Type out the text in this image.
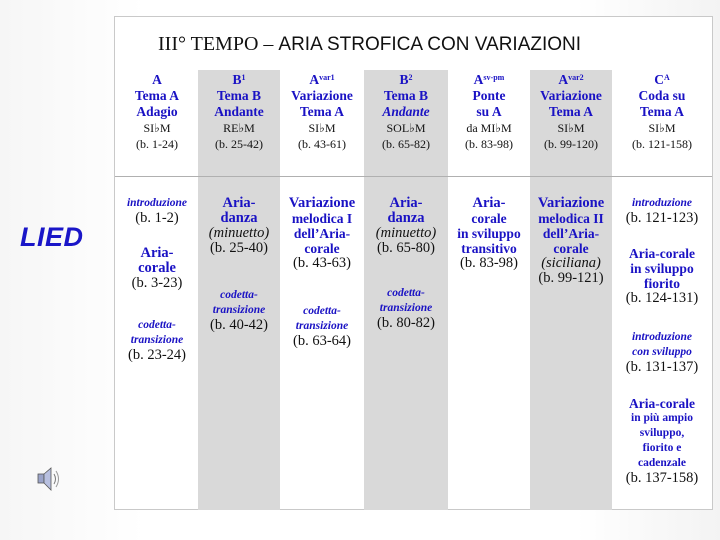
LIED
III° TEMPO – ARIA STROFICA CON VARIAZIONI
A
Tema A
Adagio
SI♭M
(b. 1-24)
$B^1$
Tema B
Andante
RE♭M
(b. 25-42)
$A^{var1}$
Variazione
Tema A
SI♭M
(b. 43-61)
$B^2$
Tema B
Andante
SOL♭M
(b. 65-82)
$A^{sv-pm}$
Ponte
su A
da MI♭M
(b. 83-98)
$A^{var2}$
Variazione
Tema A
SI♭M
(b. 99-120)
$C^A$
Coda su
Tema A
SI♭M
(b. 121-158)
introduzione
(b. 1-2)
Aria-
corale
(b. 3-23)
codetta-
transizione
(b. 23-24)
Aria-
danza
(minuetto)
(b. 25-40)
codetta-
transizione
(b. 40-42)
Variazione
melodica I
dell’Aria-
corale
(b. 43-63)
codetta-
transizione
(b. 63-64)
Aria-
danza
(minuetto)
(b. 65-80)
codetta-
transizione
(b. 80-82)
Aria-
corale
in sviluppo
transitivo
(b. 83-98)
Variazione
melodica II
dell’Aria-
corale
(siciliana)
(b. 99-121)
introduzione
(b. 121-123)
Aria-corale
in sviluppo
fiorito
(b. 124-131)
introduzione
con sviluppo
(b. 131-137)
Aria-corale
in più ampio
sviluppo,
fiorito e
cadenzale
(b. 137-158)
